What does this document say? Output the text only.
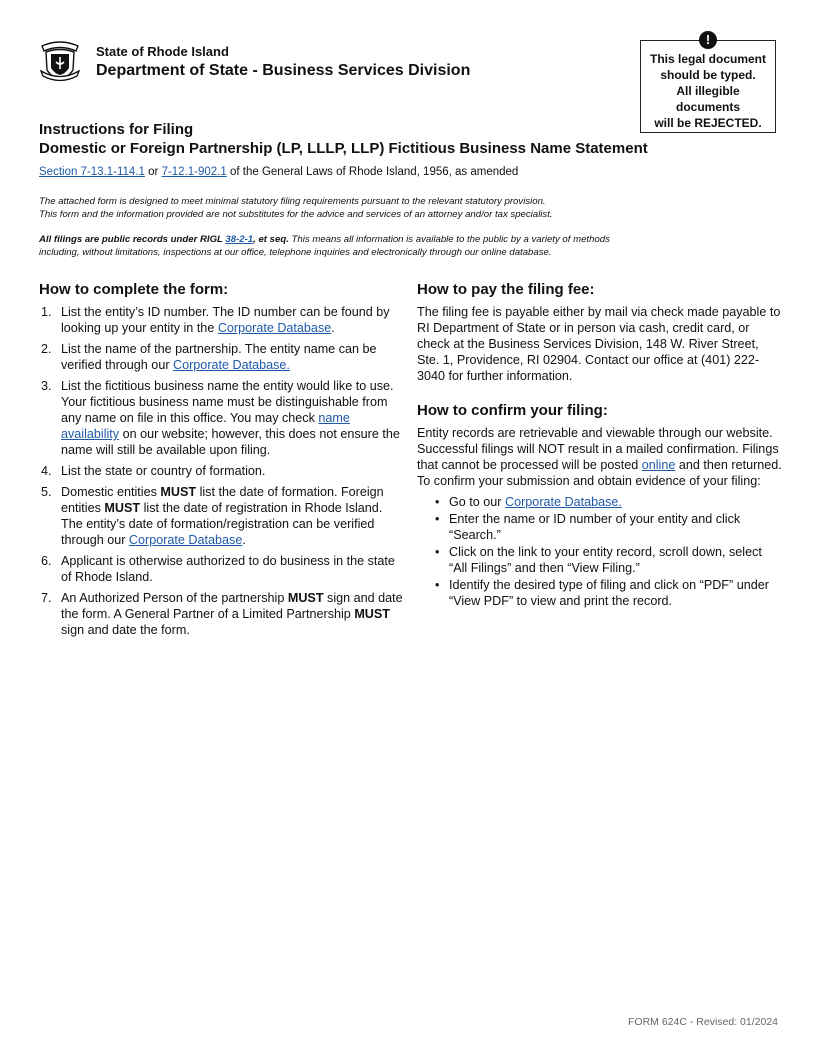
State of Rhode Island
Department of State - Business Services Division
!
This legal document
should be typed.
All illegible
documents
will be REJECTED.
Instructions for Filing
Domestic or Foreign Partnership (LP, LLLP, LLP) Fictitious Business Name Statement
Section 7-13.1-114.1 or 7-12.1-902.1 of the General Laws of Rhode Island, 1956, as amended
The attached form is designed to meet minimal statutory filing requirements pursuant to the relevant statutory provision.
This form and the information provided are not substitutes for the advice and services of an attorney and/or tax specialist.
All filings are public records under RIGL 38-2-1, et seq. This means all information is available to the public by a variety of methods
including, without limitations, inspections at our office, telephone inquiries and electronically through our online database.
How to complete the form:
1. List the entity’s ID number. The ID number can be found by looking up your entity in the Corporate Database.
2. List the name of the partnership. The entity name can be verified through our Corporate Database.
3. List the fictitious business name the entity would like to use. Your fictitious business name must be distinguishable from any name on file in this office. You may check name availability on our website; however, this does not ensure the name will still be available upon filing.
4. List the state or country of formation.
5. Domestic entities MUST list the date of formation. Foreign entities MUST list the date of registration in Rhode Island. The entity’s date of formation/registration can be verified through our Corporate Database.
6. Applicant is otherwise authorized to do business in the state of Rhode Island.
7. An Authorized Person of the partnership MUST sign and date the form. A General Partner of a Limited Partnership MUST sign and date the form.
How to pay the filing fee:

The filing fee is payable either by mail via check made payable to RI Department of State or in person via cash, credit card, or check at the Business Services Division, 148 W. River Street, Ste. 1, Providence, RI 02904. Contact our office at (401) 222-3040 for further information.

How to confirm your filing:

Entity records are retrievable and viewable through our website. Successful filings will NOT result in a mailed confirmation. Filings that cannot be processed will be posted online and then returned. To confirm your submission and obtain evidence of your filing:

• Go to our Corporate Database.
• Enter the name or ID number of your entity and click “Search.”
• Click on the link to your entity record, scroll down, select “All Filings” and then “View Filing.”
• Identify the desired type of filing and click on “PDF” under “View PDF” to view and print the record.
FORM 624C - Revised: 01/2024
